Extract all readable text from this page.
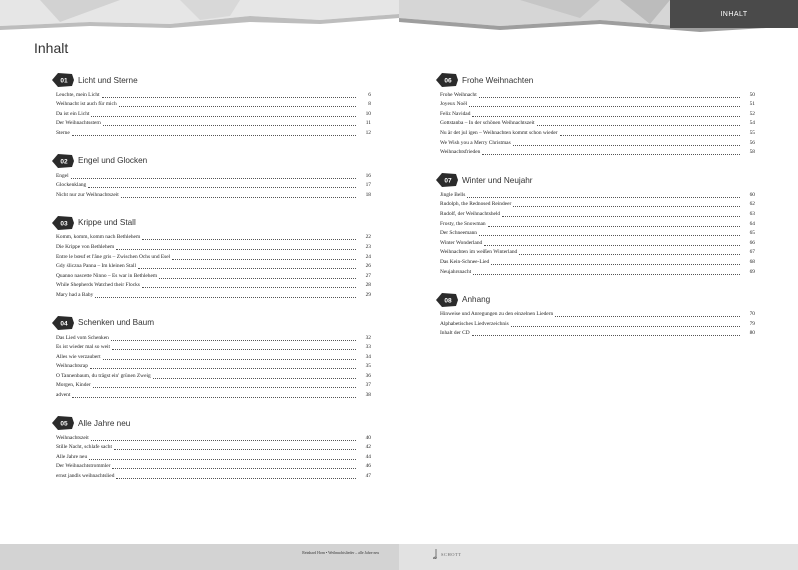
INHALT
Inhalt
01 Licht und Sterne
Leuchte, mein Licht	6
Weihnacht ist auch für mich	8
Da ist ein Licht	10
Der Weihnachtsstern	11
Sterne	12
02 Engel und Glocken
Engel	16
Glockenklang	17
Nicht nur zur Weihnachtszeit	18
03 Krippe und Stall
Komm, komm, komm nach Bethlehem	22
Die Krippe von Bethlehem	23
Entre le bœuf et l'âne gris – Zwischen Ochs und Esel	24
Gdy śliczna Panna – Im kleinen Stall	26
Quanno nascette Ninno – Es war in Bethlehem	27
While Shepherds Watched their Flocks	28
Mary had a Baby	29
04 Schenken und Baum
Das Lied vom Schenken	32
Es ist wieder mal so weit	33
Alles wie verzaubert	34
Weihnachtsrap	35
O Tannenbaum, du trägst ein' grünen Zweig	36
Morgen, Kinder	37
advent	38
05 Alle Jahre neu
Weihnachtszeit	40
Stille Nacht, schlafe sacht	42
Alle Jahre neu	44
Der Weihnachtstrommler	46
ernst jandls weihnachtslied	47
06 Frohe Weihnachten
Frohe Weihnacht	50
Joyeux Noël	51
Feliz Navidad	52
Gottstanba – In der schönen Weihnachtszeit	54
Nu är det jul igen – Weihnachten kommt schon wieder	55
We Wish you a Merry Christmas	56
Weihnachtsfrieden	58
07 Winter und Neujahr
Jingle Bells	60
Rudolph, the Rednosed Reindeer	62
Rudolf, der Weihnachtsheld	63
Frosty, the Snowman	64
Der Schneemann	65
Winter Wonderland	66
Weihnachten im weißen Winterland	67
Das Kein-Schnee-Lied	68
Neujahrsnacht	69
08 Anhang
Hinweise und Anregungen zu den einzelnen Liedern	70
Alphabetisches Liedverzeichnis	79
Inhalt der CD	80
Reinhard Horn • Weihnachtslieder – alle Jahre neu	SCHOTT
